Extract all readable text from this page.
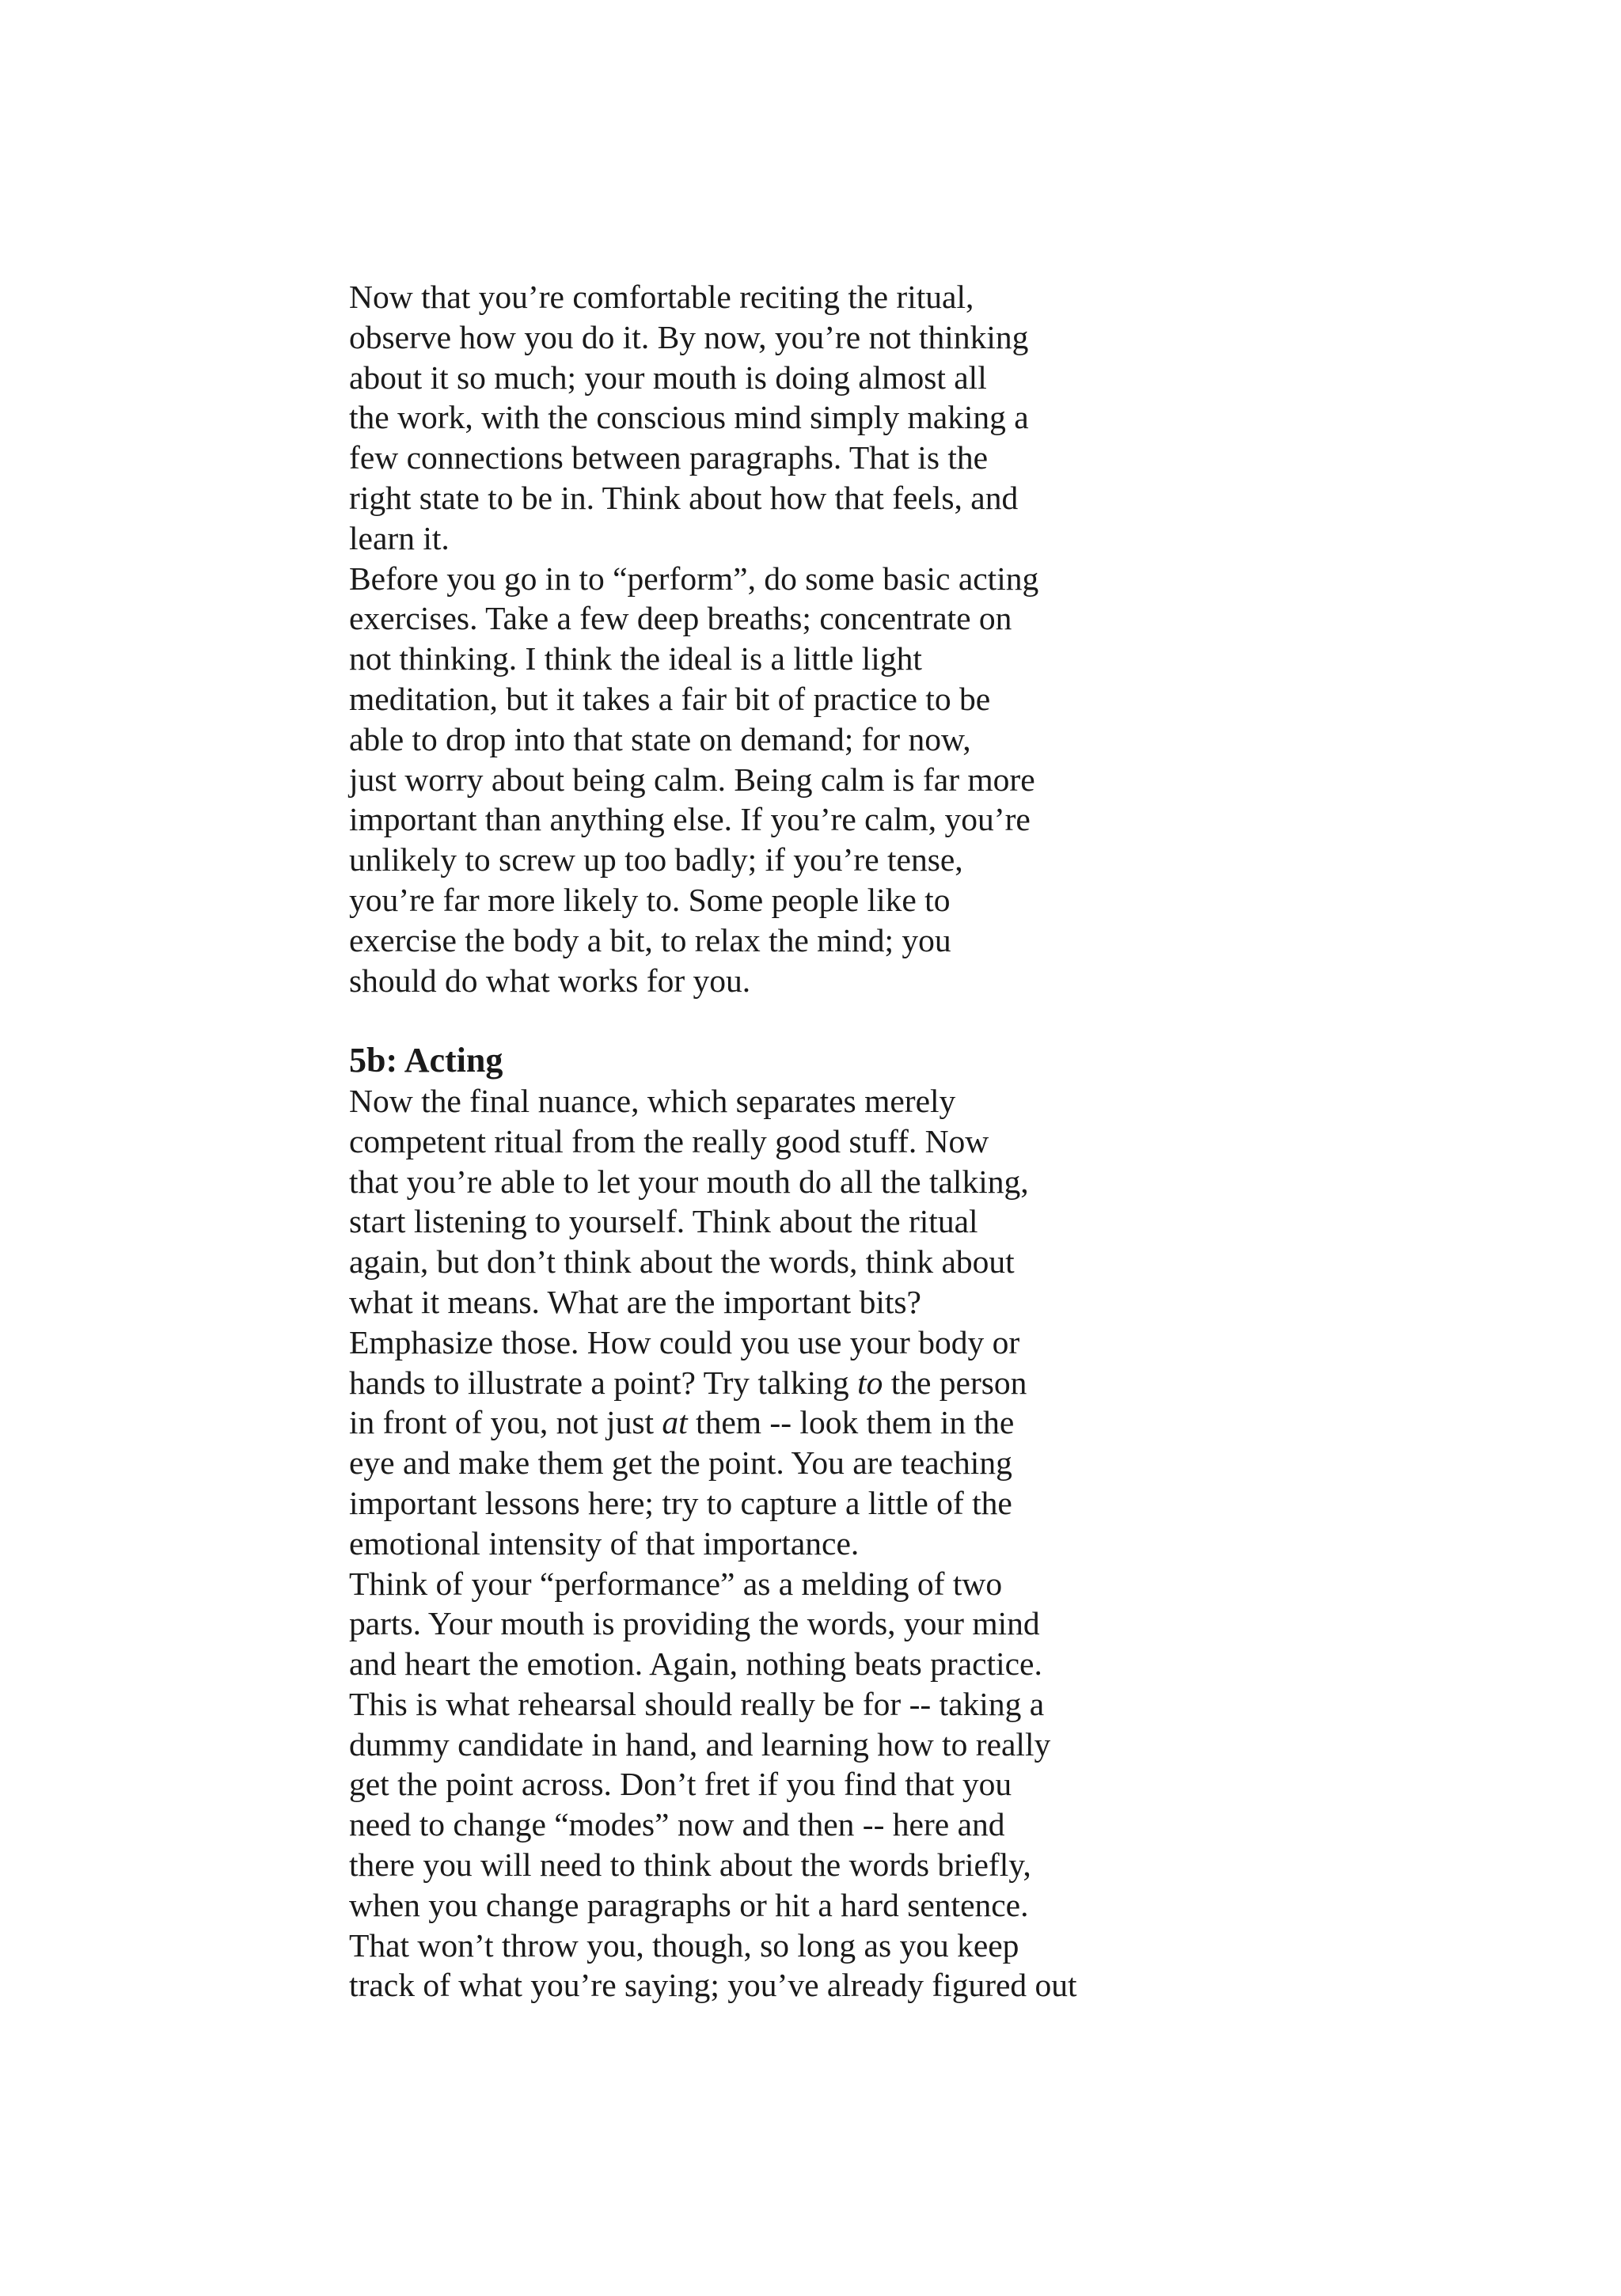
Now that you’re comfortable reciting the ritual,
observe how you do it. By now, you’re not thinking
about it so much; your mouth is doing almost all
the work, with the conscious mind simply making a
few connections between paragraphs. That is the
right state to be in. Think about how that feels, and
learn it.
Before you go in to “perform”, do some basic acting
exercises. Take a few deep breaths; concentrate on
not thinking. I think the ideal is a little light
meditation, but it takes a fair bit of practice to be
able to drop into that state on demand; for now,
just worry about being calm. Being calm is far more
important than anything else. If you’re calm, you’re
unlikely to screw up too badly; if you’re tense,
you’re far more likely to. Some people like to
exercise the body a bit, to relax the mind; you
should do what works for you.
5b: Acting
Now the final nuance, which separates merely
competent ritual from the really good stuff. Now
that you’re able to let your mouth do all the talking,
start listening to yourself. Think about the ritual
again, but don’t think about the words, think about
what it means. What are the important bits?
Emphasize those. How could you use your body or
hands to illustrate a point? Try talking to the person
in front of you, not just at them -- look them in the
eye and make them get the point. You are teaching
important lessons here; try to capture a little of the
emotional intensity of that importance.
Think of your “performance” as a melding of two
parts. Your mouth is providing the words, your mind
and heart the emotion. Again, nothing beats practice.
This is what rehearsal should really be for -- taking a
dummy candidate in hand, and learning how to really
get the point across. Don’t fret if you find that you
need to change “modes” now and then -- here and
there you will need to think about the words briefly,
when you change paragraphs or hit a hard sentence.
That won’t throw you, though, so long as you keep
track of what you’re saying; you’ve already figured out
